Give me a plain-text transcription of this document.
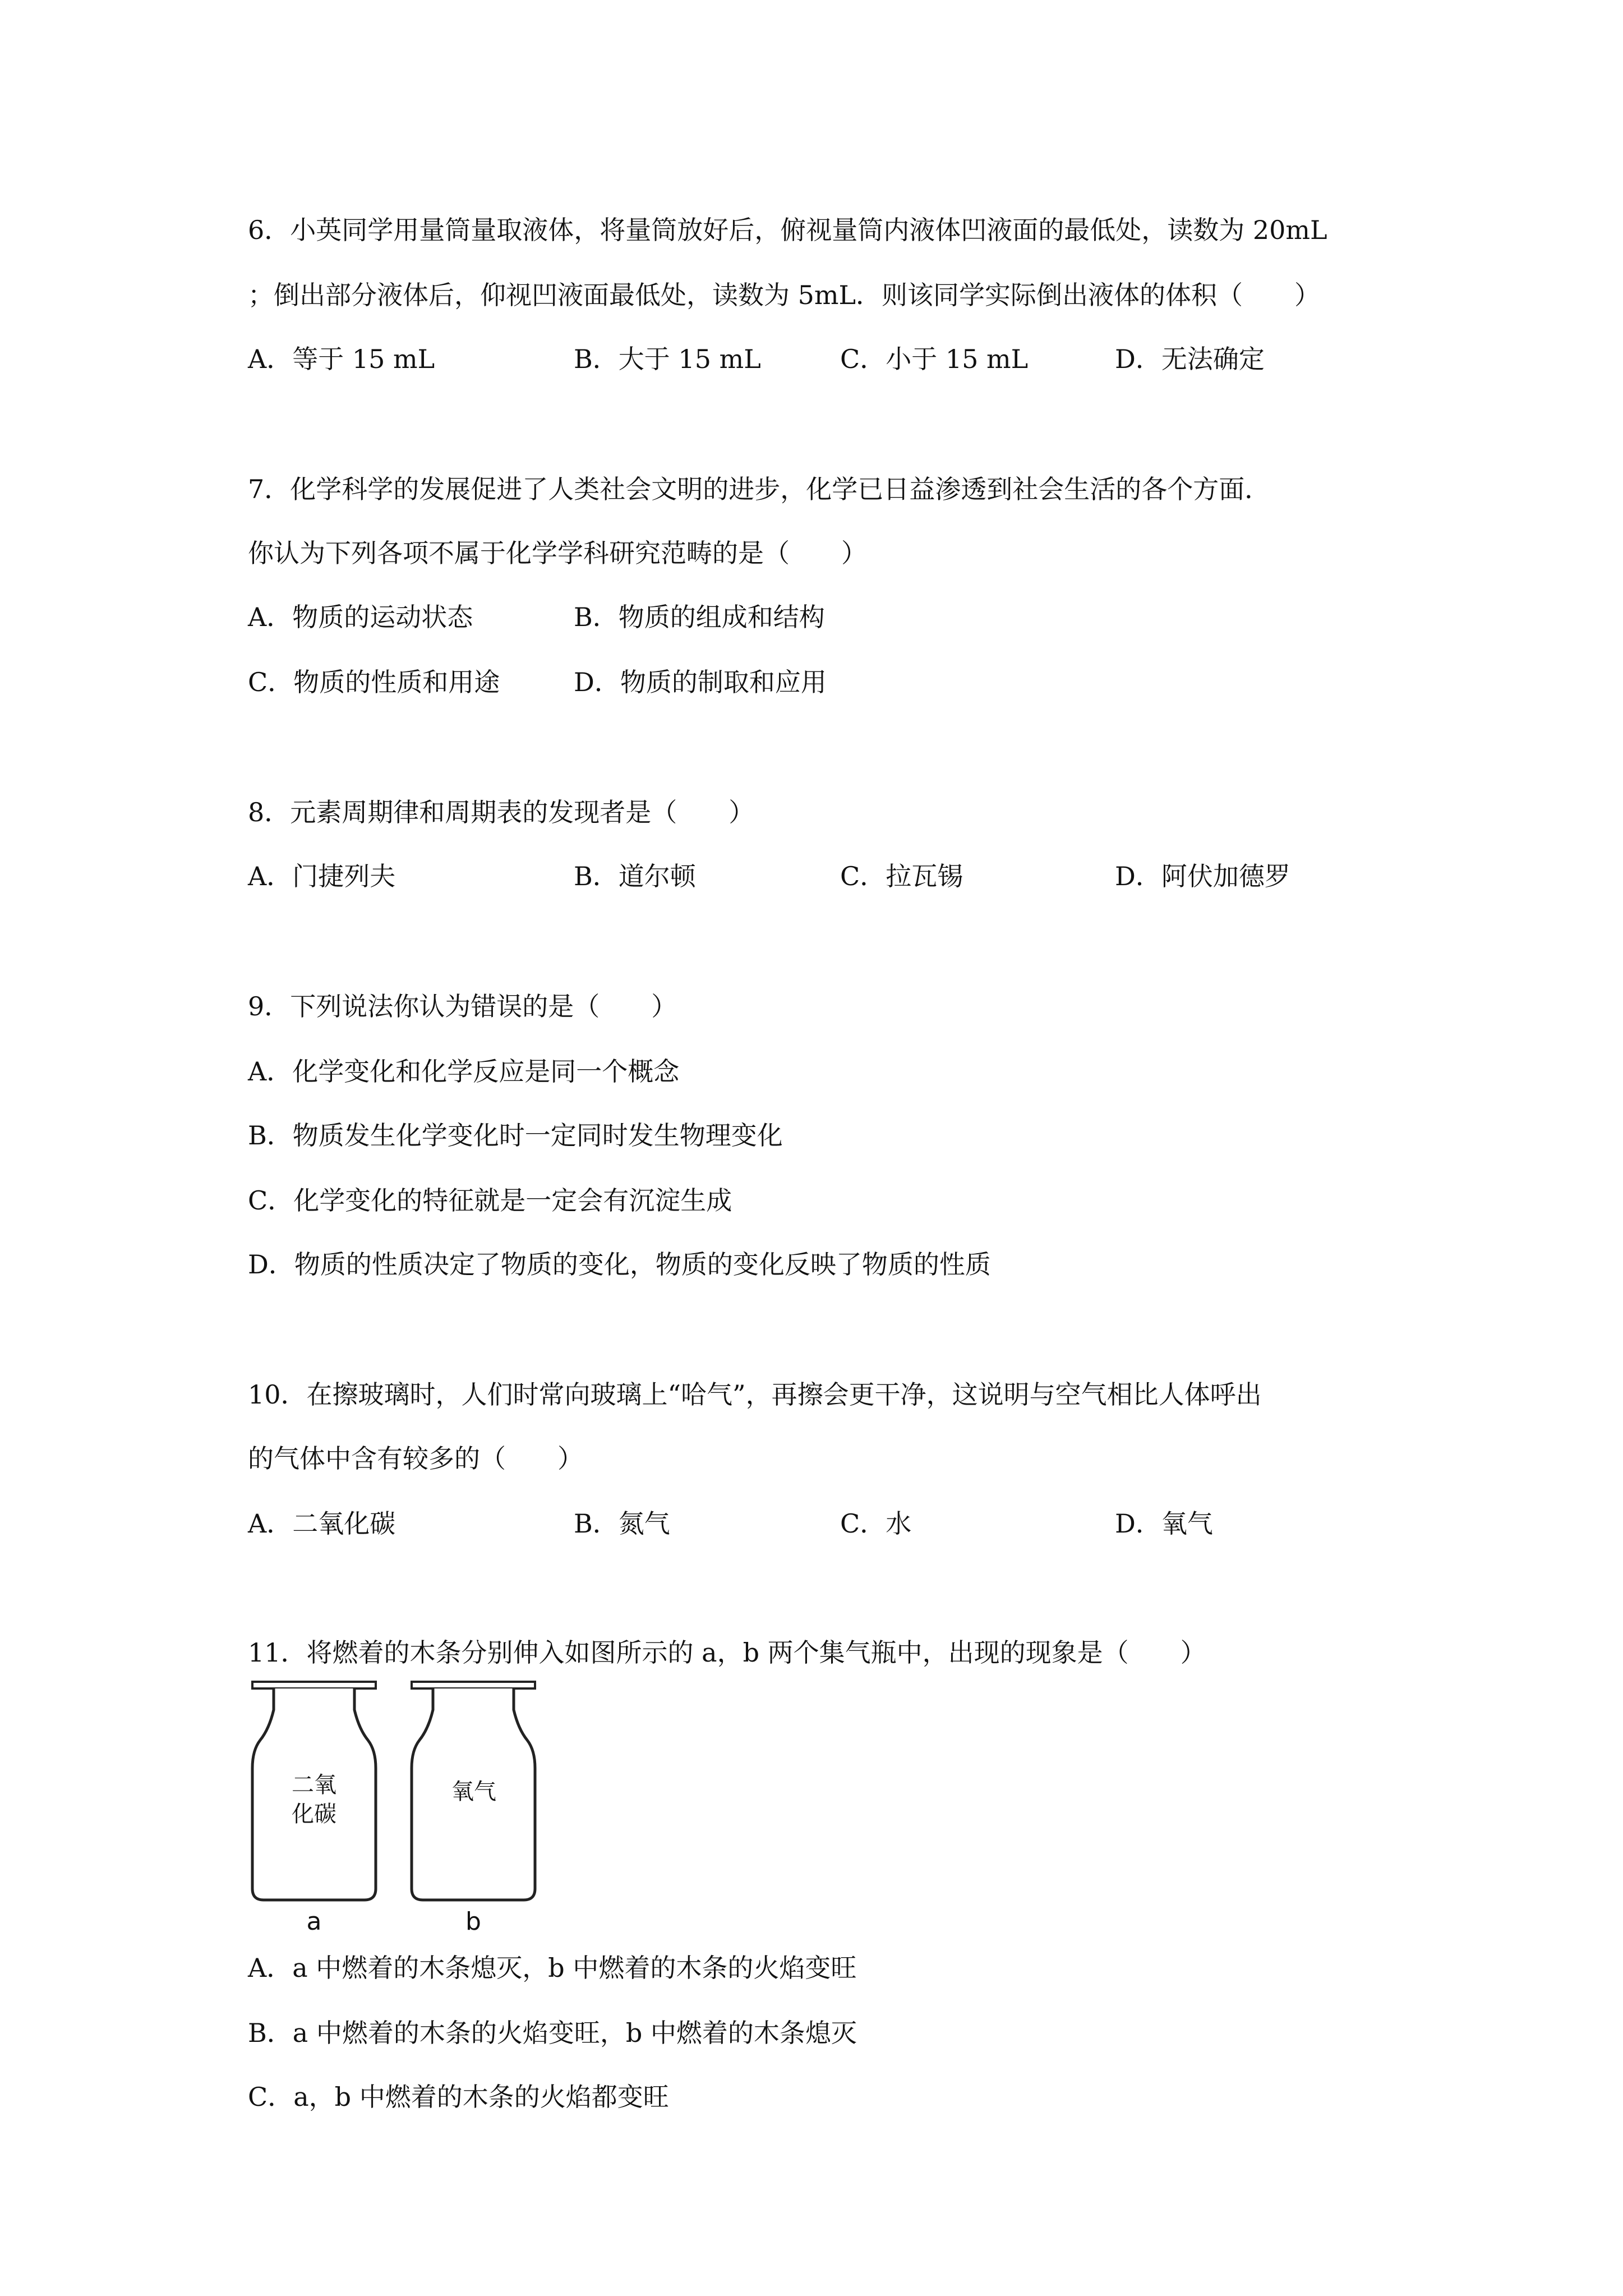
6．小英同学用量筒量取液体，将量筒放好后，俯视量筒内液体凹液面的最低处，读数为 20mL
；倒出部分液体后，仰视凹液面最低处，读数为 5mL．则该同学实际倒出液体的体积（　　）
A．等于 15 mL	B．大于 15 mL	C．小于 15 mL	D．无法确定
7．化学科学的发展促进了人类社会文明的进步，化学已日益渗透到社会生活的各个方面．
你认为下列各项不属于化学学科研究范畴的是（　　）
A．物质的运动状态	B．物质的组成和结构
C．物质的性质和用途	D．物质的制取和应用
8．元素周期律和周期表的发现者是（　　）
A．门捷列夫	B．道尔顿	C．拉瓦锡	D．阿伏加德罗
9．下列说法你认为错误的是（　　）
A．化学变化和化学反应是同一个概念
B．物质发生化学变化时一定同时发生物理变化
C．化学变化的特征就是一定会有沉淀生成
D．物质的性质决定了物质的变化，物质的变化反映了物质的性质
10．在擦玻璃时，人们时常向玻璃上“哈气”，再擦会更干净，这说明与空气相比人体呼出
的气体中含有较多的（　　）
A．二氧化碳	B．氮气	C．水	D．氧气
11．将燃着的木条分别伸入如图所示的 a，b 两个集气瓶中，出现的现象是（　　）
二氧
化碳
氧气
a	b
A．a 中燃着的木条熄灭，b 中燃着的木条的火焰变旺
B．a 中燃着的木条的火焰变旺，b 中燃着的木条熄灭
C．a，b 中燃着的木条的火焰都变旺
